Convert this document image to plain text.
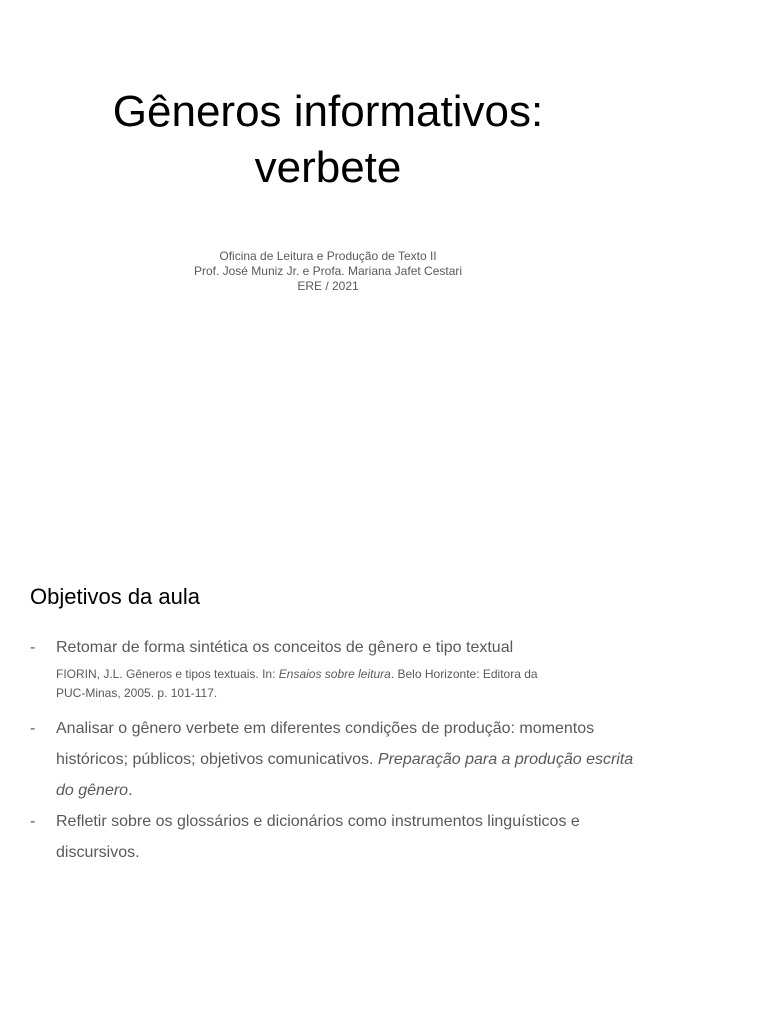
Gêneros informativos:
verbete
Oficina de Leitura e Produção de Texto II
Prof. José Muniz Jr. e Profa. Mariana Jafet Cestari
ERE / 2021
Objetivos da aula
- Retomar de forma sintética os conceitos de gênero e tipo textual
FIORIN, J.L. Gêneros e tipos textuais. In: Ensaios sobre leitura. Belo Horizonte: Editora da
PUC-Minas, 2005. p. 101-117.
- Analisar o gênero verbete em diferentes condições de produção: momentos históricos; públicos; objetivos comunicativos. Preparação para a produção escrita do gênero.
- Refletir sobre os glossários e dicionários como instrumentos linguísticos e discursivos.
